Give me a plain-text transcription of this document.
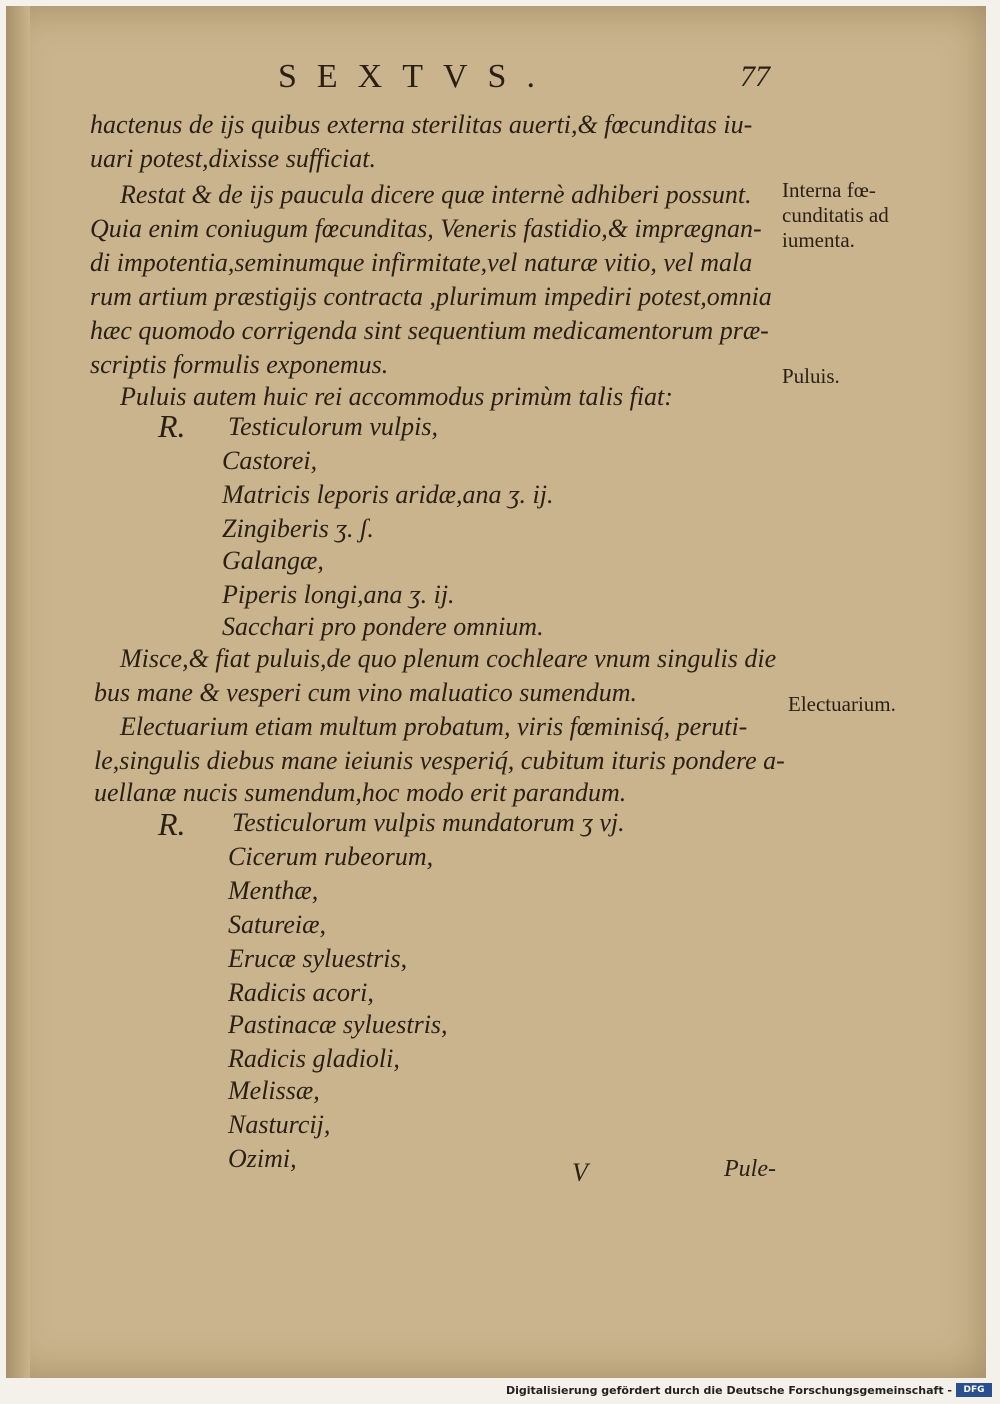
SEXTVS.	77
hactenus de ijs quibus externa sterilitas auerti,& fœcunditas iu-
uari potest,dixisse sufficiat.
Restat & de ijs paucula dicere quæ internè adhiberi possunt.
Quia enim coniugum fœcunditas, Veneris fastidio,& imprægnan-
di impotentia,seminumque infirmitate,vel naturæ vitio, vel mala
rum artium præstigijs contracta ,plurimum impediri potest,omnia
hæc quomodo corrigenda sint sequentium medicamentorum præ-
scriptis formulis exponemus.
Puluis autem huic rei accommodus primùm talis fiat:
R. Testiculorum vulpis,
Castorei,
Matricis leporis aridæ,ana ʒ. ij.
Zingiberis ʒ. ʃ.
Galangæ,
Piperis longi,ana ʒ. ij.
Sacchari pro pondere omnium.
Misce,& fiat puluis,de quo plenum cochleare vnum singulis die
bus mane & vesperi cum vino maluatico sumendum.
Electuarium etiam multum probatum, viris fœminisq́, peruti-
le,singulis diebus mane ieiunis vesperiq́, cubitum ituris pondere a-
uellanæ nucis sumendum,hoc modo erit parandum.
R. Testiculorum vulpis mundatorum ʒ vj.
Cicerum rubeorum,
Menthæ,
Satureiæ,
Erucæ syluestris,
Radicis acori,
Pastinacæ syluestris,
Radicis gladioli,
Melissæ,
Nasturcij,
Ozimi,
Interna fœ-
cunditatis ad
iumenta.
Puluis.
Electuarium.
V	Pule-
Digitalisierung gefördert durch die Deutsche Forschungsgemeinschaft -	DFG
